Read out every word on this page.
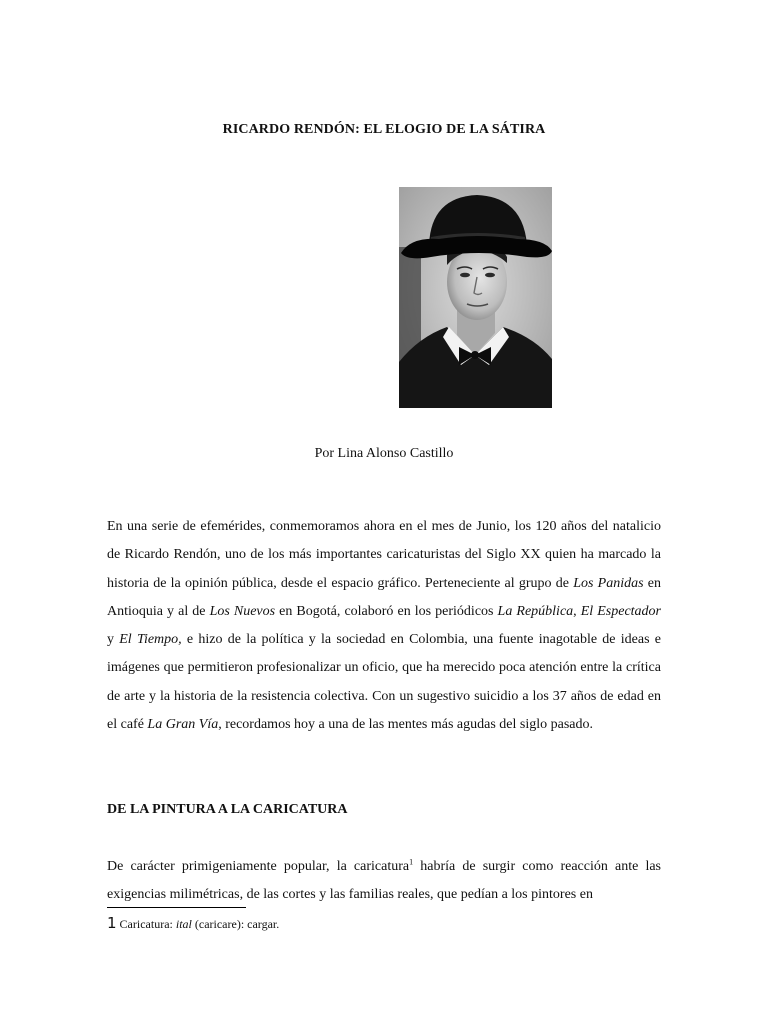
RICARDO RENDÓN: EL ELOGIO DE LA SÁTIRA
Por Lina Alonso Castillo

En una serie de efemérides, conmemoramos ahora en el mes de Junio, los 120 años del natalicio de Ricardo Rendón, uno de los más importantes caricaturistas del Siglo XX quien ha marcado la historia de la opinión pública, desde el espacio gráfico. Perteneciente al grupo de Los Panidas en Antioquia y al de Los Nuevos en Bogotá, colaboró en los periódicos La República, El Espectador y El Tiempo, e hizo de la política y la sociedad en Colombia, una fuente inagotable de ideas e imágenes que permitieron profesionalizar un oficio, que ha merecido poca atención entre la crítica de arte y la historia de la resistencia colectiva. Con un sugestivo suicidio a los 37 años de edad en el café La Gran Vía, recordamos hoy a una de las mentes más agudas del siglo pasado.

DE LA PINTURA A LA CARICATURA

De carácter primigeniamente popular, la caricatura$^1$ habría de surgir como reacción ante las exigencias milimétricas, de las cortes y las familias reales, que pedían a los pintores en

1 Caricatura: ital (caricare): cargar.
